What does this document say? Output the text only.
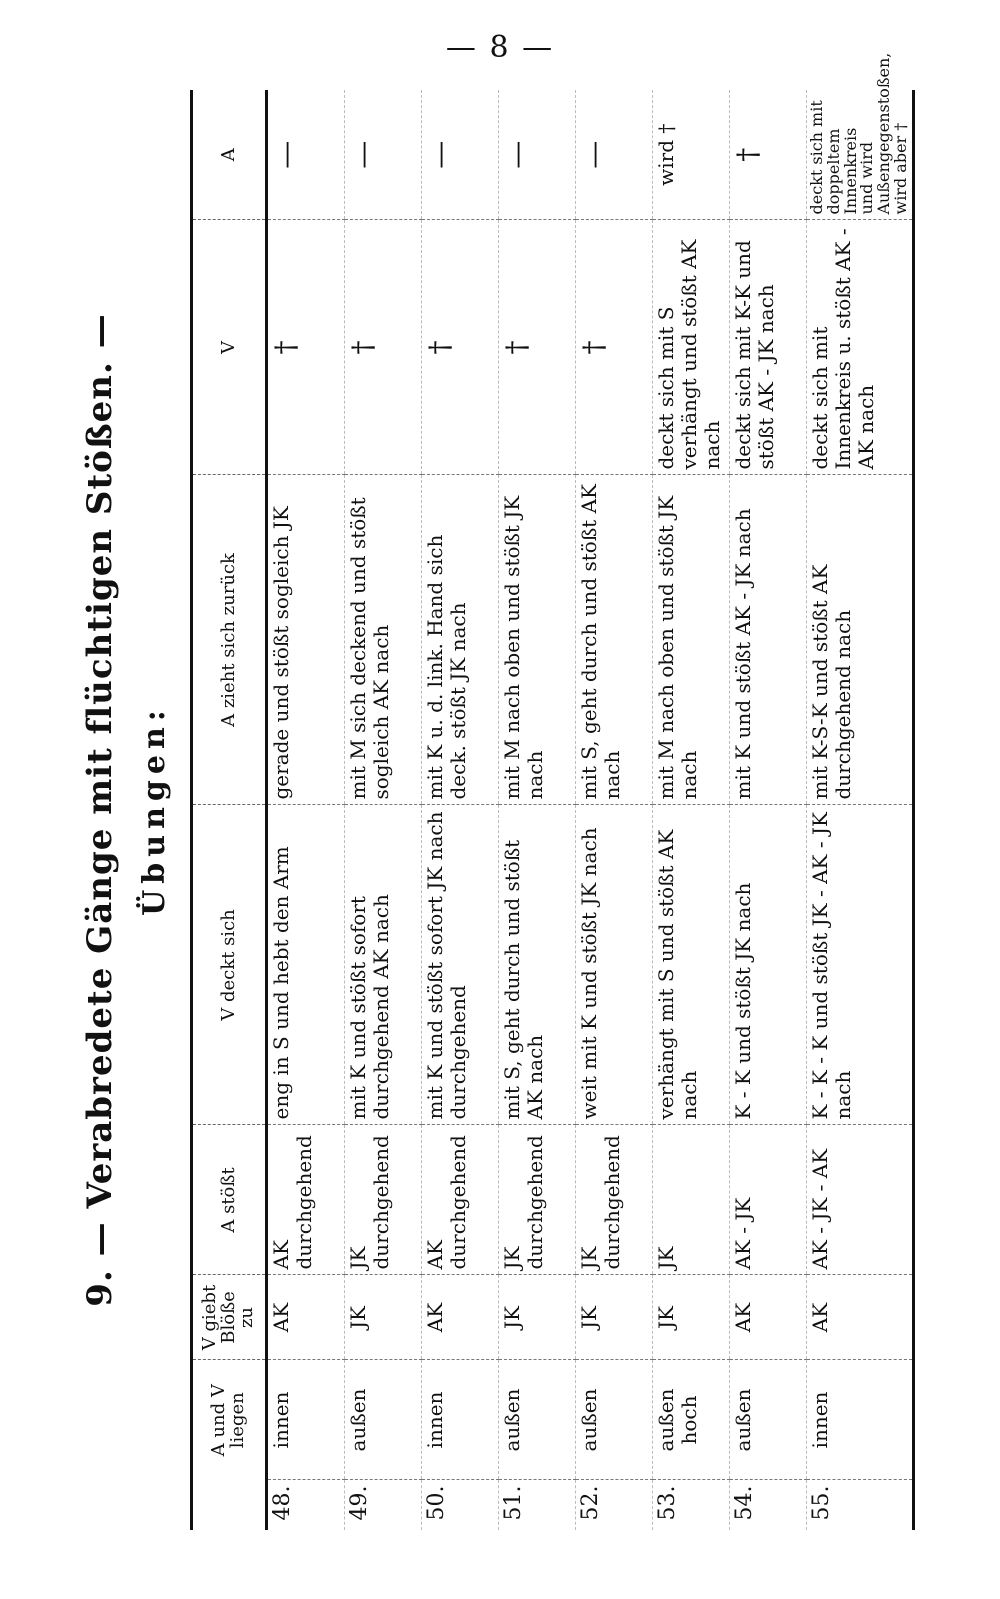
— 8 —
9. — Verabredete Gänge mit flüchtigen Stößen. — Übungen:
	A und V liegen	V giebt Blöße zu	A stößt	V deckt sich	A zieht sich zurück	V	A
48.	innen	AK	AK durchgehend	eng in S und hebt den Arm	gerade und stößt sogleich JK	†	—
49.	außen	JK	JK durchgehend	mit K und stößt sofort durchgehend AK nach	mit M sich deckend und stößt sogleich AK nach	†	—
50.	innen	AK	AK durchgehend	mit K und stößt sofort JK nach durchgehend	mit K u. d. link. Hand sich deck. stößt JK nach	†	—
51.	außen	JK	JK durchgehend	mit S, geht durch und stößt AK nach	mit M nach oben und stößt JK nach	†	—
52.	außen	JK	JK durchgehend	weit mit K und stößt JK nach	mit S, geht durch und stößt AK nach	†	—
53.	außen hoch	JK	JK	verhängt mit S und stößt AK nach	mit M nach oben und stößt JK nach	deckt sich mit S verhängt und stößt AK nach	wird †
54.	außen	AK	AK - JK	K - K und stößt JK nach	mit K und stößt AK - JK nach	deckt sich mit K-K und stößt AK - JK nach	†
55.	innen	AK	AK - JK - AK	K - K - K und stößt JK - AK - JK nach	mit K-S-K und stößt AK durchgehend nach	deckt sich mit Innenkreis u. stößt AK - AK nach	deckt sich mit doppeltem Innenkreis und wird Außengegenstoßen, wird aber †
